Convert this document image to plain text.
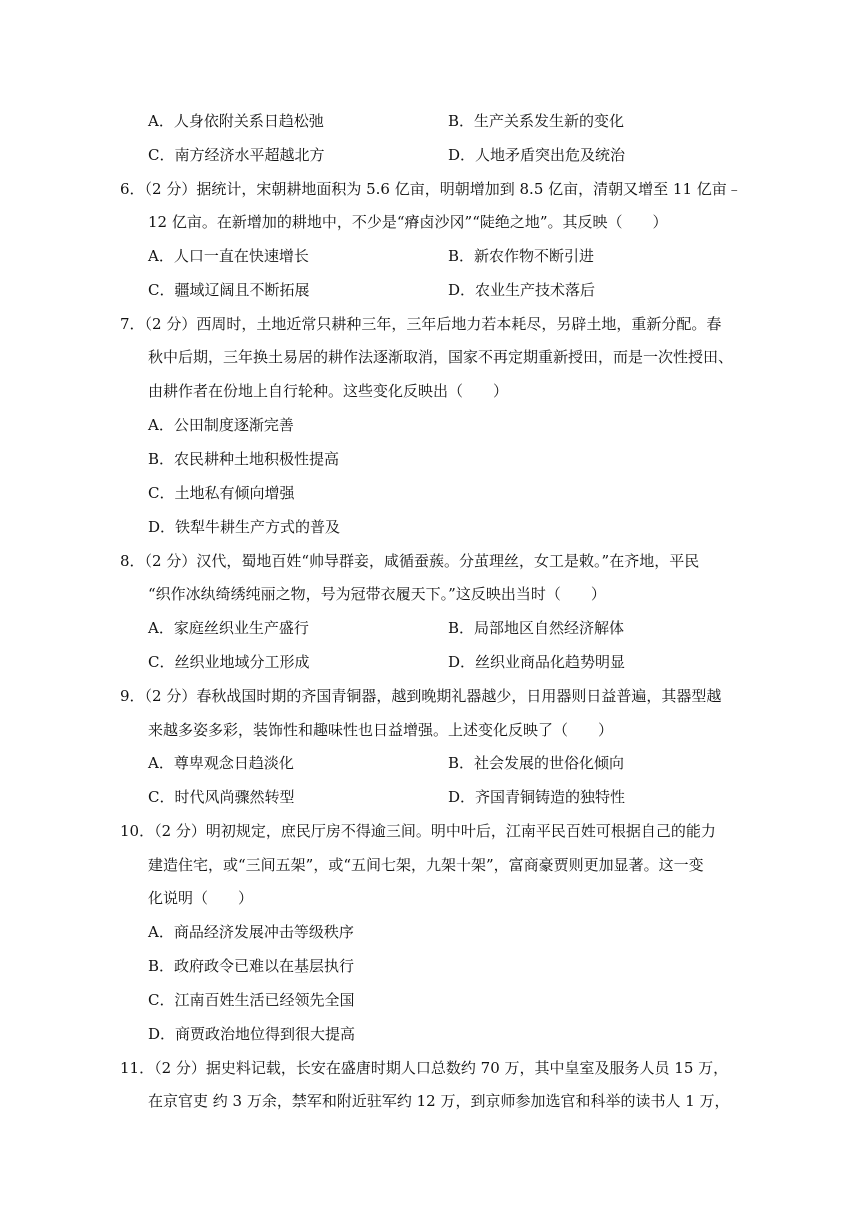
A．人身依附关系日趋松弛	B．生产关系发生新的变化
C．南方经济水平超越北方	D．人地矛盾突出危及统治
6．（2 分）据统计，宋朝耕地面积为 5.6 亿亩，明朝增加到 8.5 亿亩，清朝又增至 11 亿亩﹣
12 亿亩。在新增加的耕地中，不少是“瘠卤沙冈”“陡绝之地”。其反映（　　）
A．人口一直在快速增长	B．新农作物不断引进
C．疆域辽阔且不断拓展	D．农业生产技术落后
7．（2 分）西周时，土地近常只耕种三年，三年后地力若本耗尽，另辟土地，重新分配。春
秋中后期，三年换土易居的耕作法逐渐取消，国家不再定期重新授田，而是一次性授田、
由耕作者在份地上自行轮种。这些变化反映出（　　）
A．公田制度逐渐完善
B．农民耕种土地积极性提高
C．土地私有倾向增强
D．铁犁牛耕生产方式的普及
8．（2 分）汉代，蜀地百姓“帅导群妾，咸循蚕蔟。分茧理丝，女工是敕。”在齐地，平民
“织作冰纨绮绣纯丽之物，号为冠带衣履天下。”这反映出当时（　　）
A．家庭丝织业生产盛行	B．局部地区自然经济解体
C．丝织业地域分工形成	D．丝织业商品化趋势明显
9．（2 分）春秋战国时期的齐国青铜器，越到晚期礼器越少，日用器则日益普遍，其器型越
来越多姿多彩，装饰性和趣味性也日益增强。上述变化反映了（　　）
A．尊卑观念日趋淡化	B．社会发展的世俗化倾向
C．时代风尚骤然转型	D．齐国青铜铸造的独特性
10．（2 分）明初规定，庶民厅房不得逾三间。明中叶后，江南平民百姓可根据自己的能力
建造住宅，或“三间五架”，或“五间七架，九架十架”，富商豪贾则更加显著。这一变
化说明（　　）
A．商品经济发展冲击等级秩序
B．政府政令已难以在基层执行
C．江南百姓生活已经领先全国
D．商贾政治地位得到很大提高
11．（2 分）据史料记载，长安在盛唐时期人口总数约 70 万，其中皇室及服务人员 15 万，
在京官吏 约 3 万余，禁军和附近驻军约 12 万，到京师参加选官和科举的读书人 1 万，
